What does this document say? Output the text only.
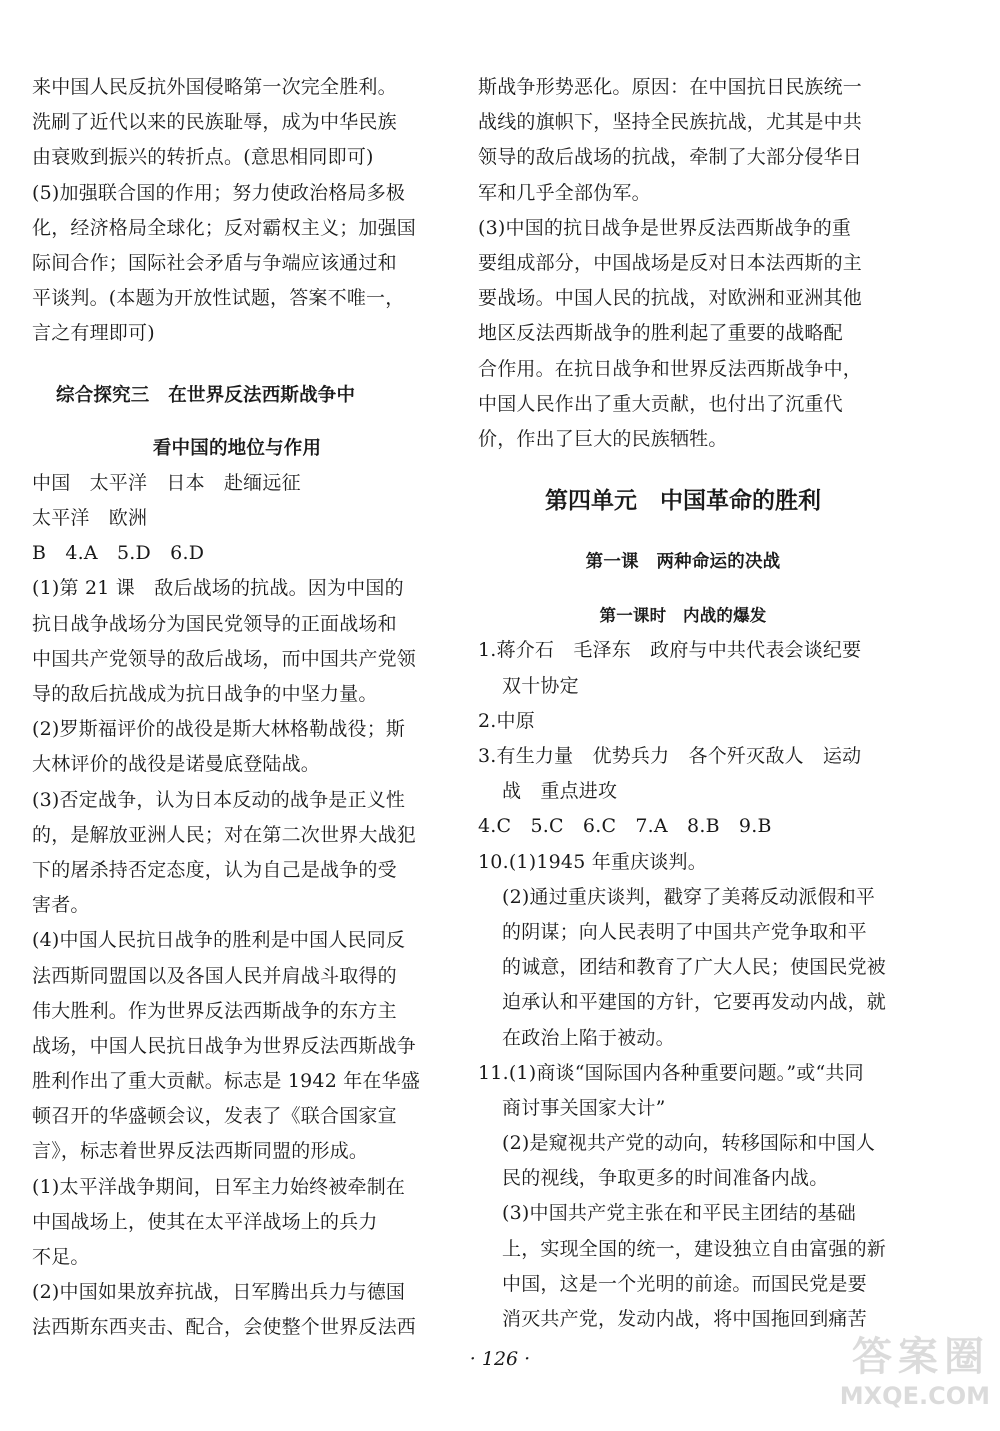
来中国人民反抗外国侵略第一次完全胜利。
洗刷了近代以来的民族耻辱，成为中华民族
由衰败到振兴的转折点。(意思相同即可)
(5)加强联合国的作用；努力使政治格局多极
化，经济格局全球化；反对霸权主义；加强国
际间合作；国际社会矛盾与争端应该通过和
平谈判。(本题为开放性试题，答案不唯一，
言之有理即可)
综合探究三　在世界反法西斯战争中
看中国的地位与作用
中国　太平洋　日本　赴缅远征
太平洋　欧洲
B　4.A　5.D　6.D
(1)第 21 课　敌后战场的抗战。因为中国的
抗日战争战场分为国民党领导的正面战场和
中国共产党领导的敌后战场，而中国共产党领
导的敌后抗战成为抗日战争的中坚力量。
(2)罗斯福评价的战役是斯大林格勒战役；斯
大林评价的战役是诺曼底登陆战。
(3)否定战争，认为日本反动的战争是正义性
的，是解放亚洲人民；对在第二次世界大战犯
下的屠杀持否定态度，认为自己是战争的受
害者。
(4)中国人民抗日战争的胜利是中国人民同反
法西斯同盟国以及各国人民并肩战斗取得的
伟大胜利。作为世界反法西斯战争的东方主
战场，中国人民抗日战争为世界反法西斯战争
胜利作出了重大贡献。标志是 1942 年在华盛
顿召开的华盛顿会议，发表了《联合国家宣
言》，标志着世界反法西斯同盟的形成。
(1)太平洋战争期间，日军主力始终被牵制在
中国战场上，使其在太平洋战场上的兵力
不足。
(2)中国如果放弃抗战，日军腾出兵力与德国
法西斯东西夹击、配合，会使整个世界反法西
斯战争形势恶化。原因：在中国抗日民族统一
战线的旗帜下，坚持全民族抗战，尤其是中共
领导的敌后战场的抗战，牵制了大部分侵华日
军和几乎全部伪军。
(3)中国的抗日战争是世界反法西斯战争的重
要组成部分，中国战场是反对日本法西斯的主
要战场。中国人民的抗战，对欧洲和亚洲其他
地区反法西斯战争的胜利起了重要的战略配
合作用。在抗日战争和世界反法西斯战争中，
中国人民作出了重大贡献，也付出了沉重代
价，作出了巨大的民族牺牲。
第四单元　中国革命的胜利
第一课　两种命运的决战
第一课时　内战的爆发
1.蒋介石　毛泽东　政府与中共代表会谈纪要
双十协定
2.中原
3.有生力量　优势兵力　各个歼灭敌人　运动
战　重点进攻
4.C　5.C　6.C　7.A　8.B　9.B
10.(1)1945 年重庆谈判。
(2)通过重庆谈判，戳穿了美蒋反动派假和平
的阴谋；向人民表明了中国共产党争取和平
的诚意，团结和教育了广大人民；使国民党被
迫承认和平建国的方针，它要再发动内战，就
在政治上陷于被动。
11.(1)商谈“国际国内各种重要问题。”或“共同
商讨事关国家大计”
(2)是窥视共产党的动向，转移国际和中国人
民的视线，争取更多的时间准备内战。
(3)中国共产党主张在和平民主团结的基础
上，实现全国的统一，建设独立自由富强的新
中国，这是一个光明的前途。而国民党是要
消灭共产党，发动内战，将中国拖回到痛苦
· 126 ·	答案圈
MXQE.COM
